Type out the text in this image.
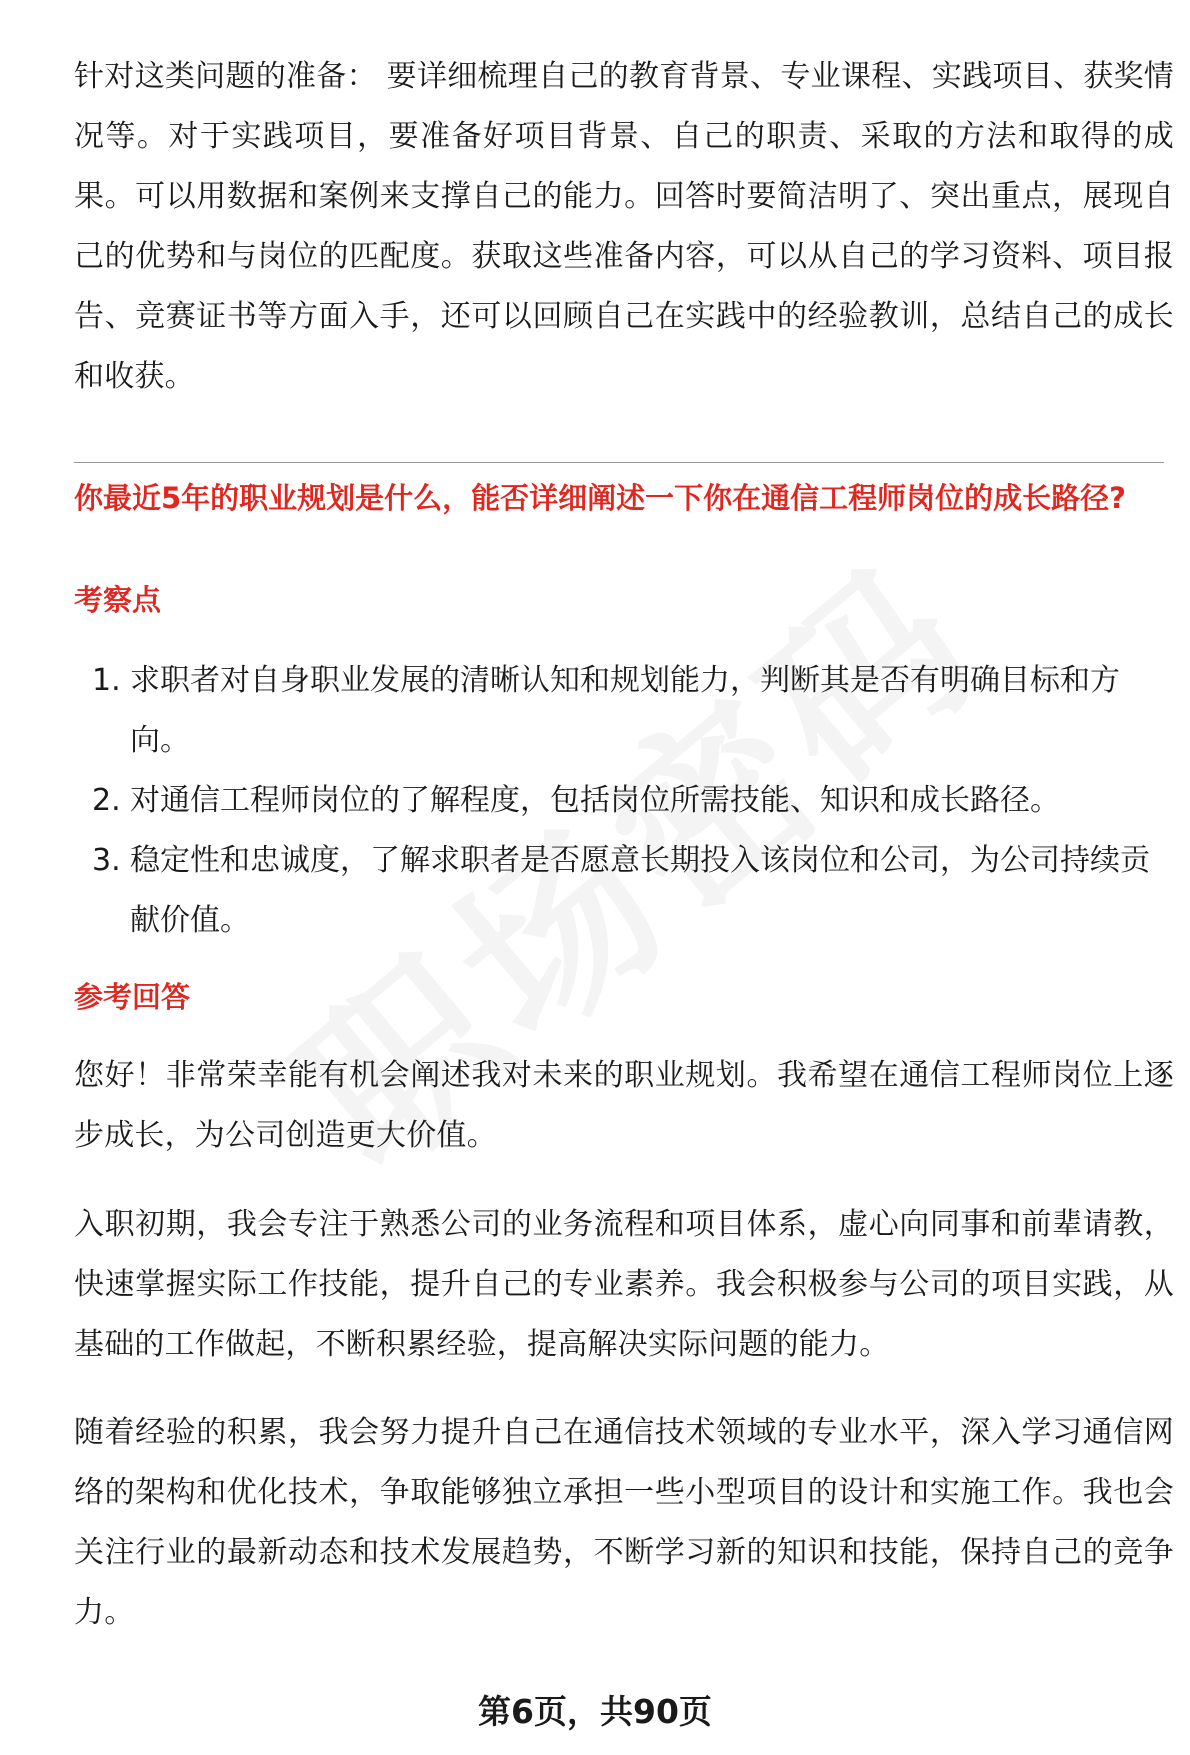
针对这类问题的准备： 要详细梳理自己的教育背景、专业课程、实践项目、获奖情况等。对于实践项目，要准备好项目背景、自己的职责、采取的方法和取得的成果。可以用数据和案例来支撑自己的能力。回答时要简洁明了、突出重点，展现自己的优势和与岗位的匹配度。获取这些准备内容，可以从自己的学习资料、项目报告、竞赛证书等方面入手，还可以回顾自己在实践中的经验教训，总结自己的成长和收获。

你最近5年的职业规划是什么，能否详细阐述一下你在通信工程师岗位的成长路径?

考察点

1. 求职者对自身职业发展的清晰认知和规划能力，判断其是否有明确目标和方向。
2. 对通信工程师岗位的了解程度，包括岗位所需技能、知识和成长路径。
3. 稳定性和忠诚度，了解求职者是否愿意长期投入该岗位和公司，为公司持续贡献价值。

参考回答

您好！非常荣幸能有机会阐述我对未来的职业规划。我希望在通信工程师岗位上逐步成长，为公司创造更大价值。

入职初期，我会专注于熟悉公司的业务流程和项目体系，虚心向同事和前辈请教，快速掌握实际工作技能，提升自己的专业素养。我会积极参与公司的项目实践，从基础的工作做起，不断积累经验，提高解决实际问题的能力。

随着经验的积累，我会努力提升自己在通信技术领域的专业水平，深入学习通信网络的架构和优化技术，争取能够独立承担一些小型项目的设计和实施工作。我也会关注行业的最新动态和技术发展趋势，不断学习新的知识和技能，保持自己的竞争力。

第6页，共90页
